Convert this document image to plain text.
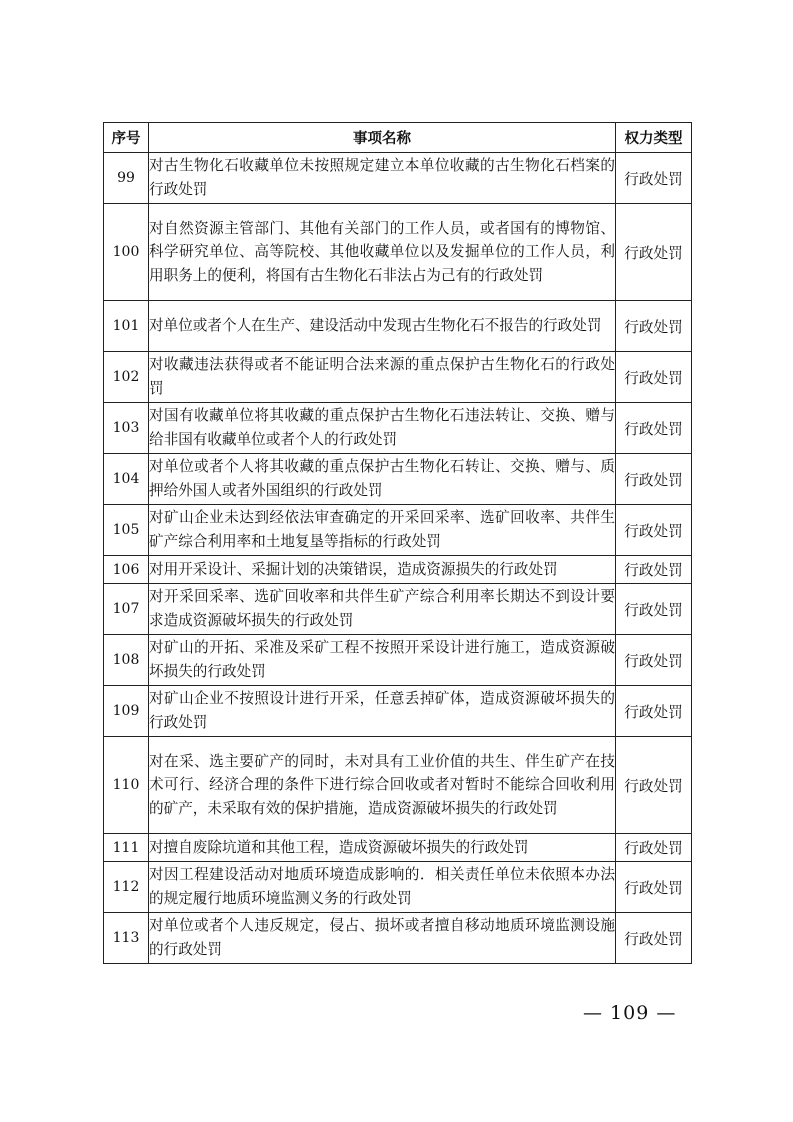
序号	事项名称	权力类型
99	对古生物化石收藏单位未按照规定建立本单位收藏的古生物化石档案的行政处罚	行政处罚
100	对自然资源主管部门、其他有关部门的工作人员，或者国有的博物馆、科学研究单位、高等院校、其他收藏单位以及发掘单位的工作人员，利用职务上的便利，将国有古生物化石非法占为己有的行政处罚	行政处罚
101	对单位或者个人在生产、建设活动中发现古生物化石不报告的行政处罚	行政处罚
102	对收藏违法获得或者不能证明合法来源的重点保护古生物化石的行政处罚	行政处罚
103	对国有收藏单位将其收藏的重点保护古生物化石违法转让、交换、赠与给非国有收藏单位或者个人的行政处罚	行政处罚
104	对单位或者个人将其收藏的重点保护古生物化石转让、交换、赠与、质押给外国人或者外国组织的行政处罚	行政处罚
105	对矿山企业未达到经依法审查确定的开采回采率、选矿回收率、共伴生矿产综合利用率和土地复垦等指标的行政处罚	行政处罚
106	对用开采设计、采掘计划的决策错误，造成资源损失的行政处罚	行政处罚
107	对开采回采率、选矿回收率和共伴生矿产综合利用率长期达不到设计要求造成资源破坏损失的行政处罚	行政处罚
108	对矿山的开拓、采准及采矿工程不按照开采设计进行施工，造成资源破坏损失的行政处罚	行政处罚
109	对矿山企业不按照设计进行开采，任意丢掉矿体，造成资源破坏损失的行政处罚	行政处罚
110	对在采、选主要矿产的同时，未对具有工业价值的共生、伴生矿产在技术可行、经济合理的条件下进行综合回收或者对暂时不能综合回收利用的矿产，未采取有效的保护措施，造成资源破坏损失的行政处罚	行政处罚
111	对擅自废除坑道和其他工程，造成资源破坏损失的行政处罚	行政处罚
112	对因工程建设活动对地质环境造成影响的．相关责任单位未依照本办法的规定履行地质环境监测义务的行政处罚	行政处罚
113	对单位或者个人违反规定，侵占、损坏或者擅自移动地质环境监测设施的行政处罚	行政处罚
— 109 —
